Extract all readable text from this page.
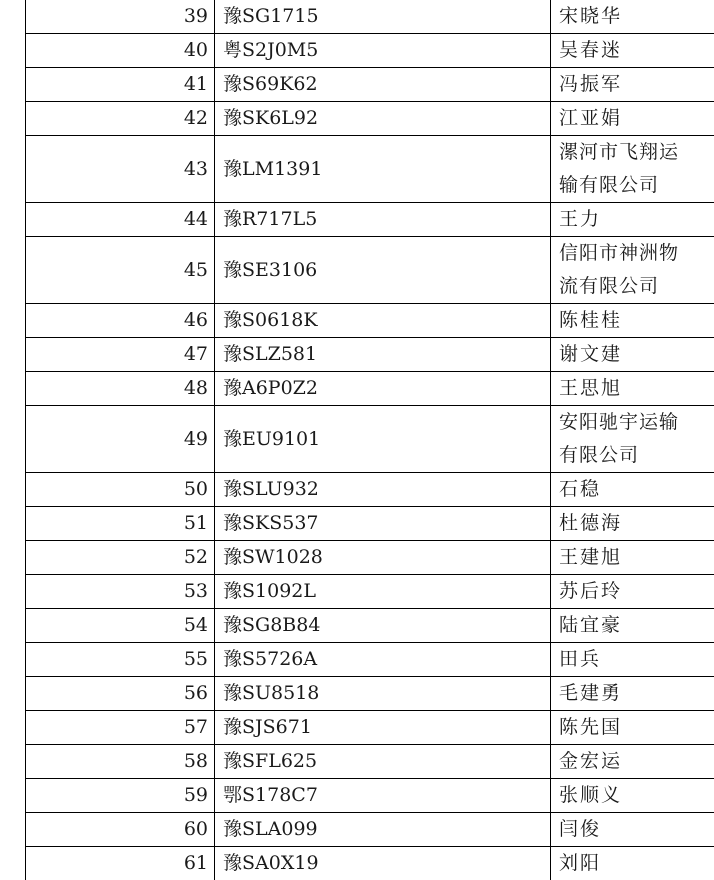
39	豫SG1715	宋晓华

40	粤S2J0M5	吴春迷

41	豫S69K62	冯振军

42	豫SK6L92	江亚娟

43	豫LM1391	漯河市飞翔运
输有限公司

44	豫R717L5	王力

45	豫SE3106	信阳市神洲物
流有限公司

46	豫S0618K	陈桂桂

47	豫SLZ581	谢文建

48	豫A6P0Z2	王思旭

49	豫EU9101	安阳驰宇运输
有限公司

50	豫SLU932	石稳

51	豫SKS537	杜德海

52	豫SW1028	王建旭

53	豫S1092L	苏后玲

54	豫SG8B84	陆宜豪

55	豫S5726A	田兵

56	豫SU8518	毛建勇

57	豫SJS671	陈先国

58	豫SFL625	金宏运

59	鄂S178C7	张顺义

60	豫SLA099	闫俊

61	豫SA0X19	刘阳
